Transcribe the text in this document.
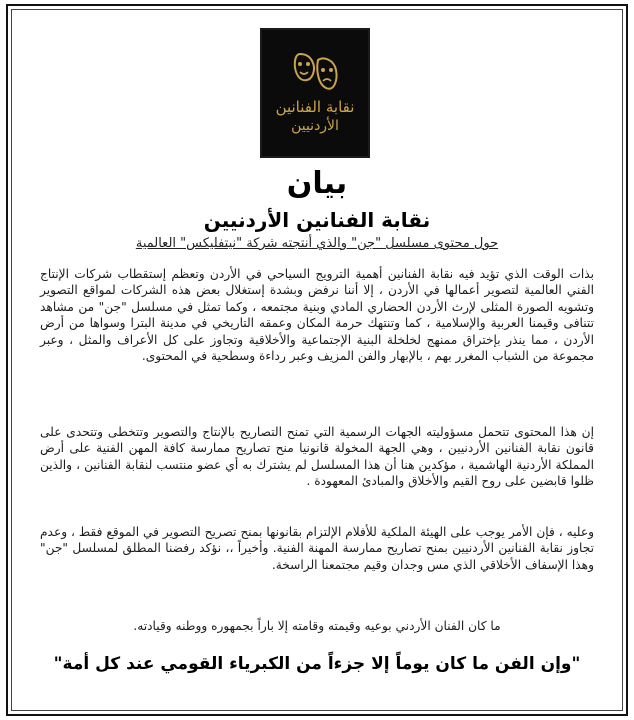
نقابة الفنانين
الأردنيين
بيان
نقابة الفنانين الأردنيين
حول محتوى مسلسل "جن" والذي أنتجته شركة "نيتفليكس" العالمية
بذات الوقت الذي تؤيد فيه نقابة الفنانين أهمية الترويج السياحي في الأردن وتعظم إستقطاب شركات الإنتاج الفني العالمية لتصوير أعمالها في الأردن ، إلا أننا نرفض وبشدة إستغلال بعض هذه الشركات لمواقع التصوير وتشويه الصورة المثلى لإرث الأردن الحضاري المادي وبنية مجتمعه ، وكما تمثل في مسلسل "جن" من مشاهد تتنافى وقيمنا العربية والإسلامية ، كما وتنتهك حرمة المكان وعمقه التاريخي في مدينة البترا وسواها من أرض الأردن ، مما ينذر بإختراق ممنهج لخلخلة البنية الإجتماعية والأخلاقية وتجاوز على كل الأعراف والمثل ، وعبر مجموعة من الشباب المغرر بهم ، بالإبهار والفن المزيف وعبر رداءة وسطحية في المحتوى.
إن هذا المحتوى تتحمل مسؤوليته الجهات الرسمية التي تمنح التصاريح بالإنتاج والتصوير وتتخطى وتتحدى على قانون نقابة الفنانين الأردنيين ، وهي الجهة المخولة قانونيا منح تصاريح ممارسة كافة المهن الفنية على أرض المملكة الأردنية الهاشمية ، مؤكدين هنا أن هذا المسلسل لم يشترك به أي عضو منتسب لنقابة الفنانين ، والذين ظلوا قابضين على روح القيم والأخلاق والمبادئ المعهودة .
وعليه ، فإن الأمر يوجب على الهيئة الملكية للأفلام الإلتزام بقانونها بمنح تصريح التصوير في الموقع فقط ، وعدم تجاوز نقابة الفنانين الأردنيين بمنح تصاريح ممارسة المهنة الفنية. وأخيراً ،، نؤكد رفضنا المطلق لمسلسل "جن" وهذا الإسفاف الأخلاقي الذي مس وجدان وقيم مجتمعنا الراسخة.
ما كان الفنان الأردني بوعيه وقيمته وقامته إلا باراً بجمهوره ووطنه وقيادته.
"وإن الفن ما كان يوماً إلا جزءاً من الكبرياء القومي عند كل أمة"
